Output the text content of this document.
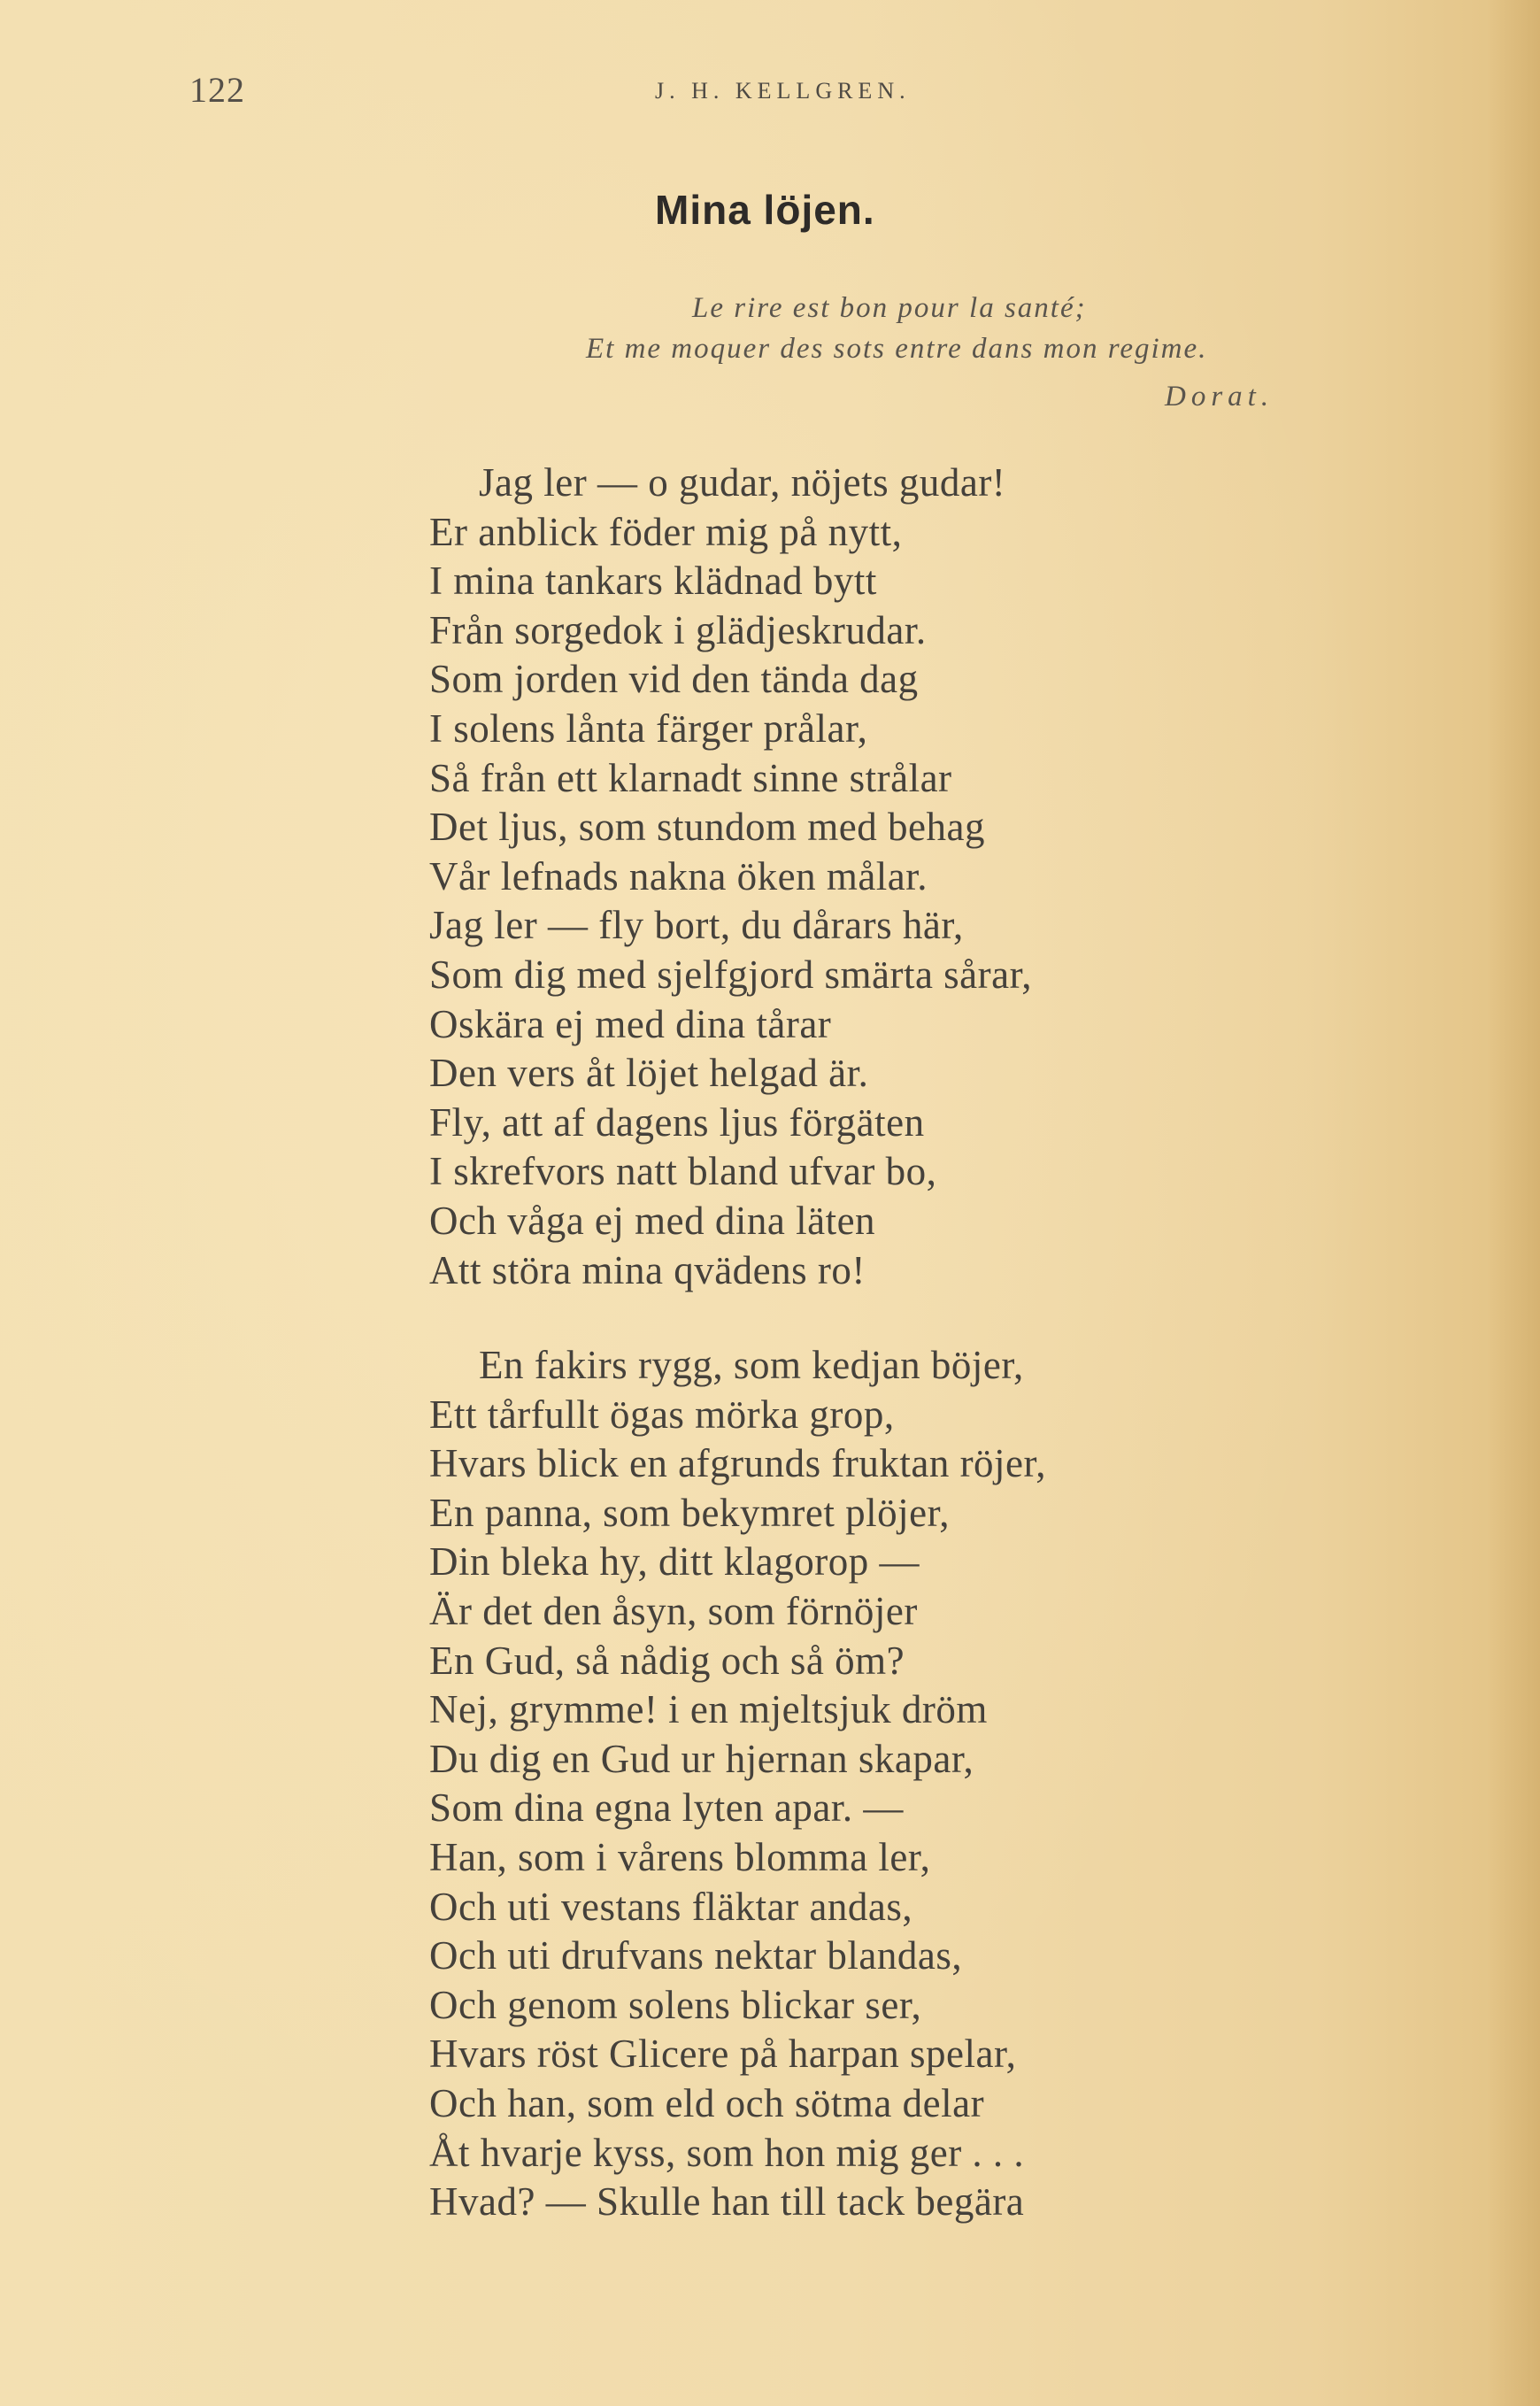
122	J. H. KELLGREN.
Mina löjen.
Le rire est bon pour la santé;
Et me moquer des sots entre dans mon regime.
Dorat.
Jag ler — o gudar, nöjets gudar!
Er anblick föder mig på nytt,
I mina tankars klädnad bytt
Från sorgedok i glädjeskrudar.
Som jorden vid den tända dag
I solens lånta färger prålar,
Så från ett klarnadt sinne strålar
Det ljus, som stundom med behag
Vår lefnads nakna öken målar.
Jag ler — fly bort, du dårars här,
Som dig med sjelfgjord smärta sårar,
Oskära ej med dina tårar
Den vers åt löjet helgad är.
Fly, att af dagens ljus förgäten
I skrefvors natt bland ufvar bo,
Och våga ej med dina läten
Att störa mina qvädens ro!
En fakirs rygg, som kedjan böjer,
Ett tårfullt ögas mörka grop,
Hvars blick en afgrunds fruktan röjer,
En panna, som bekymret plöjer,
Din bleka hy, ditt klagorop —
Är det den åsyn, som förnöjer
En Gud, så nådig och så öm?
Nej, grymme! i en mjeltsjuk dröm
Du dig en Gud ur hjernan skapar,
Som dina egna lyten apar. —
Han, som i vårens blomma ler,
Och uti vestans fläktar andas,
Och uti drufvans nektar blandas,
Och genom solens blickar ser,
Hvars röst Glicere på harpan spelar,
Och han, som eld och sötma delar
Åt hvarje kyss, som hon mig ger . . .
Hvad? — Skulle han till tack begära
